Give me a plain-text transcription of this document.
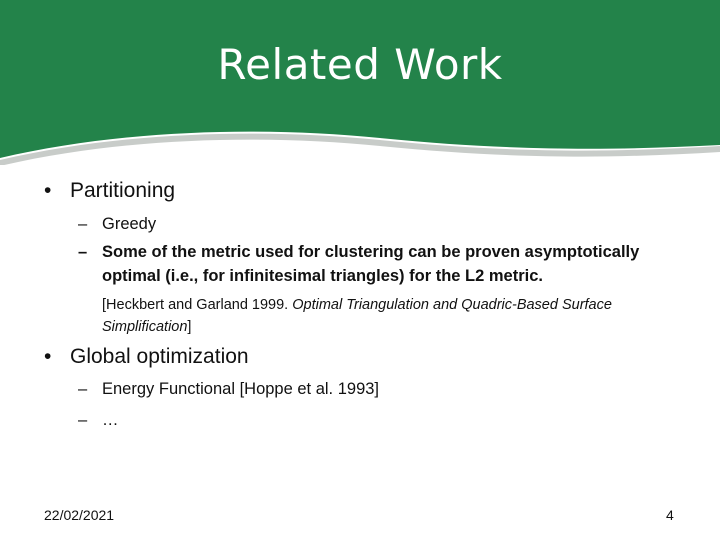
Related Work
• Partitioning
– Greedy
– Some of the metric used for clustering can be proven asymptotically optimal (i.e., for infinitesimal triangles) for the L2 metric.
[Heckbert and Garland 1999. Optimal Triangulation and Quadric-Based Surface Simplification]
• Global optimization
– Energy Functional [Hoppe et al. 1993]
– …
22/02/2021	4
